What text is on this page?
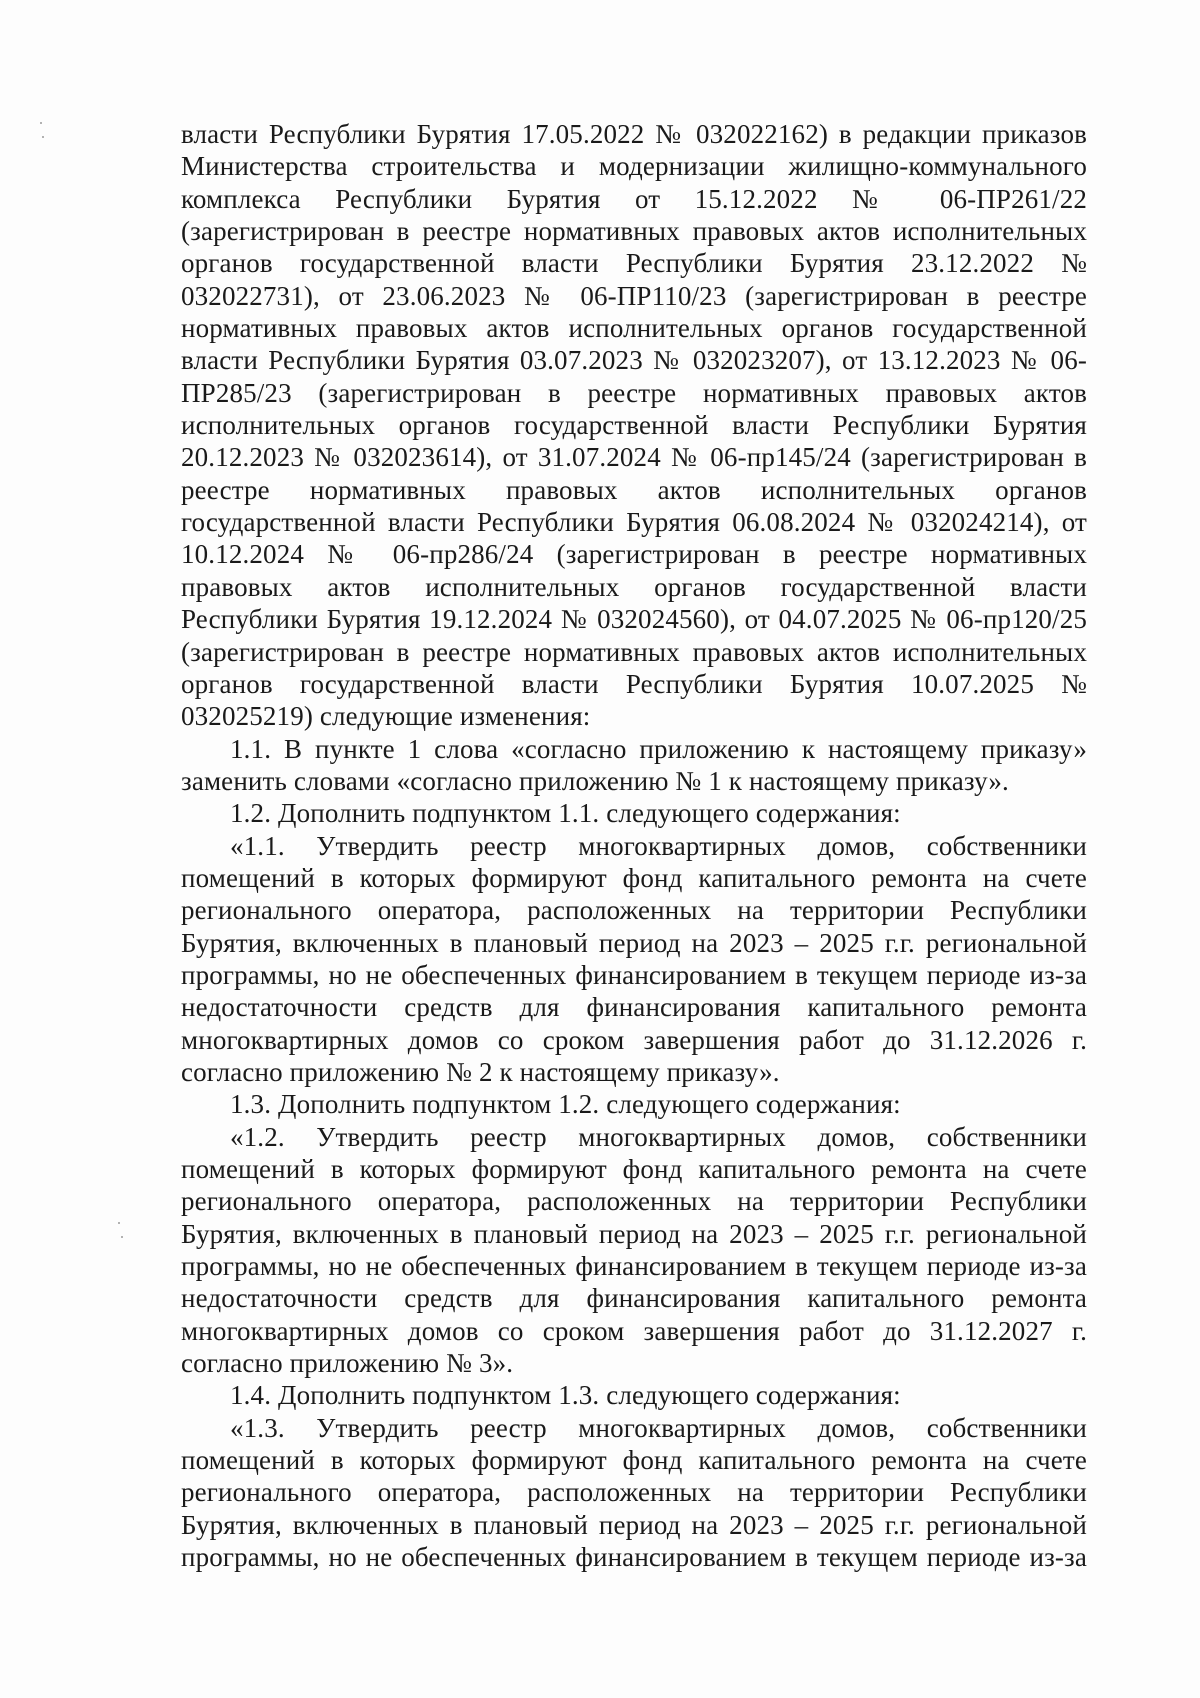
власти Республики Бурятия 17.05.2022 № 032022162) в редакции приказов Министерства строительства и модернизации жилищно-коммунального комплекса Республики Бурятия от 15.12.2022 № 06-ПР261/22 (зарегистрирован в реестре нормативных правовых актов исполнительных органов государственной власти Республики Бурятия 23.12.2022 № 032022731), от 23.06.2023 № 06-ПР110/23 (зарегистрирован в реестре нормативных правовых актов исполнительных органов государственной власти Республики Бурятия 03.07.2023 № 032023207), от 13.12.2023 № 06-ПР285/23 (зарегистрирован в реестре нормативных правовых актов исполнительных органов государственной власти Республики Бурятия 20.12.2023 № 032023614), от 31.07.2024 № 06-пр145/24 (зарегистрирован в реестре нормативных правовых актов исполнительных органов государственной власти Республики Бурятия 06.08.2024 № 032024214), от 10.12.2024 № 06-пр286/24 (зарегистрирован в реестре нормативных правовых актов исполнительных органов государственной власти Республики Бурятия 19.12.2024 № 032024560), от 04.07.2025 № 06-пр120/25 (зарегистрирован в реестре нормативных правовых актов исполнительных органов государственной власти Республики Бурятия 10.07.2025 № 032025219) следующие изменения:

1.1. В пункте 1 слова «согласно приложению к настоящему приказу» заменить словами «согласно приложению № 1 к настоящему приказу».

1.2. Дополнить подпунктом 1.1. следующего содержания:

«1.1. Утвердить реестр многоквартирных домов, собственники помещений в которых формируют фонд капитального ремонта на счете регионального оператора, расположенных на территории Республики Бурятия, включенных в плановый период на 2023 – 2025 г.г. региональной программы, но не обеспеченных финансированием в текущем периоде из-за недостаточности средств для финансирования капитального ремонта многоквартирных домов со сроком завершения работ до 31.12.2026 г. согласно приложению № 2 к настоящему приказу».

1.3. Дополнить подпунктом 1.2. следующего содержания:

«1.2. Утвердить реестр многоквартирных домов, собственники помещений в которых формируют фонд капитального ремонта на счете регионального оператора, расположенных на территории Республики Бурятия, включенных в плановый период на 2023 – 2025 г.г. региональной программы, но не обеспеченных финансированием в текущем периоде из-за недостаточности средств для финансирования капитального ремонта многоквартирных домов со сроком завершения работ до 31.12.2027 г. согласно приложению № 3».

1.4. Дополнить подпунктом 1.3. следующего содержания:

«1.3. Утвердить реестр многоквартирных домов, собственники помещений в которых формируют фонд капитального ремонта на счете регионального оператора, расположенных на территории Республики Бурятия, включенных в плановый период на 2023 – 2025 г.г. региональной программы, но не обеспеченных финансированием в текущем периоде из-за
